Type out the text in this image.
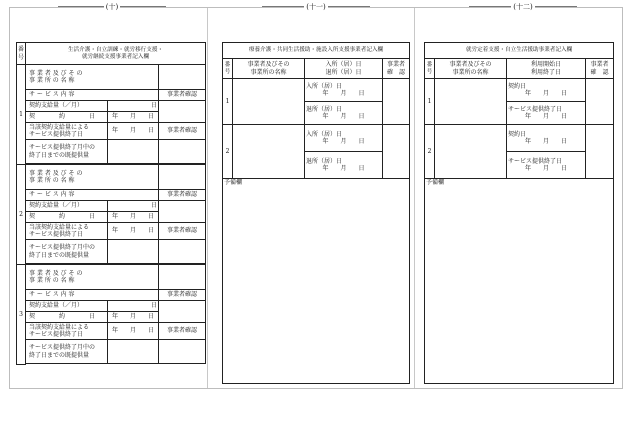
(十)	(十一)	(十二)
番号	生活介護・自立訓練・就労移行支援・
就労継続支援事業者記入欄		

1	事 業 者 及 び そ の
事 業 所 の 名 称		
	サ ー ビ ス 内 容		事業者確認
	契約支給量（／月）	日	
	契　　　　約　　　　日	年　　月　　日	
	当該契約支給量による
サービス提供終了日	年　　月　　日	事業者確認
	サービス提供終了月中の
終了日までの既提供量		

2	事 業 者 及 び そ の
事 業 所 の 名 称		
	サ ー ビ ス 内 容		事業者確認
	契約支給量（／月）	日	
	契　　　　約　　　　日	年　　月　　日	
	当該契約支給量による
サービス提供終了日	年　　月　　日	事業者確認
	サービス提供終了月中の
終了日までの既提供量		

3	事 業 者 及 び そ の
事 業 所 の 名 称		
	サ ー ビ ス 内 容		事業者確認
	契約支給量（／月）	日	
	契　　　　約　　　　日	年　　月　　日	
	当該契約支給量による
サービス提供終了日	年　　月　　日	事業者確認
	サービス提供終了月中の
終了日までの既提供量		

療養介護・共同生活援助・施設入所支援事業者記入欄			
番号	事業者及びその
事業所の名称	入所（居）日
退所（居）日	事業者
確　認
1		入所（居）日
年　　月　　日	

		退所（居）日
年　　月　　日	

2		入所（居）日
年　　月　　日	

		退所（居）日
年　　月　　日	

予備欄			
就労定着支援・自立生活援助事業者記入欄			
番号	事業者及びその
事業所の名称	利用開始日
利用終了日	事業者
確　認
1		契約日
年　　月　　日	

		サービス提供終了日
年　　月　　日	

2		契約日
年　　月　　日	

		サービス提供終了日
年　　月　　日	

予備欄			
